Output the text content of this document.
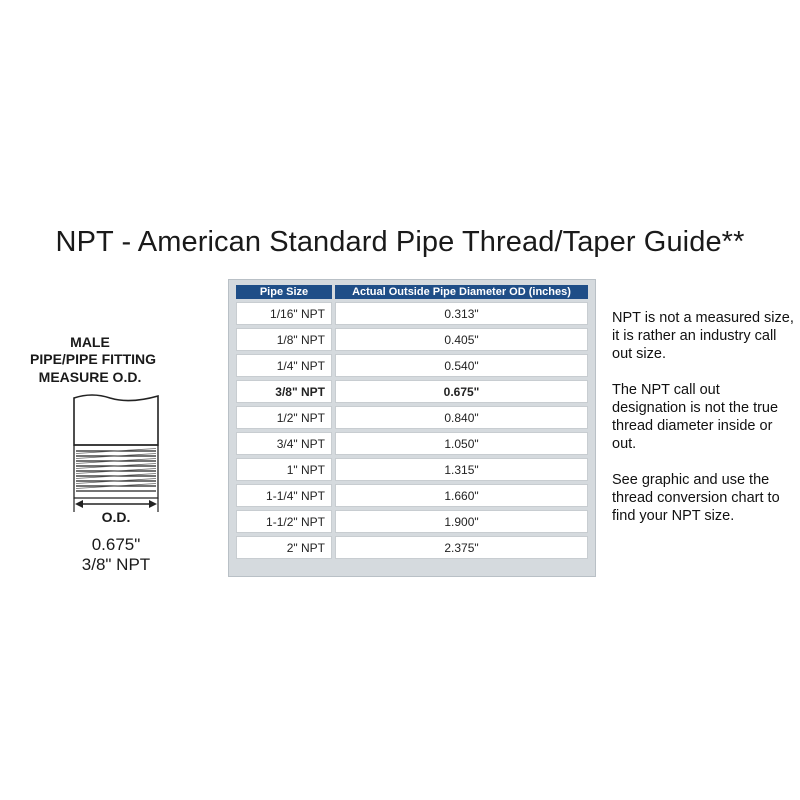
NPT - American Standard Pipe Thread/Taper Guide**
MALE
PIPE/PIPE FITTING
MEASURE O.D.
O.D.
0.675"
3/8" NPT
Pipe Size	Actual Outside Pipe Diameter OD (inches)
1/16" NPT	0.313"
1/8" NPT	0.405"
1/4" NPT	0.540"
3/8" NPT	0.675"
1/2" NPT	0.840"
3/4" NPT	1.050"
1" NPT	1.315"
1-1/4" NPT	1.660"
1-1/2" NPT	1.900"
2" NPT	2.375"

NPT is not a measured size, it is rather an industry call out size.

The NPT call out designation is not the true thread diameter inside or out.

See graphic and use the thread conversion chart to find your NPT size.
